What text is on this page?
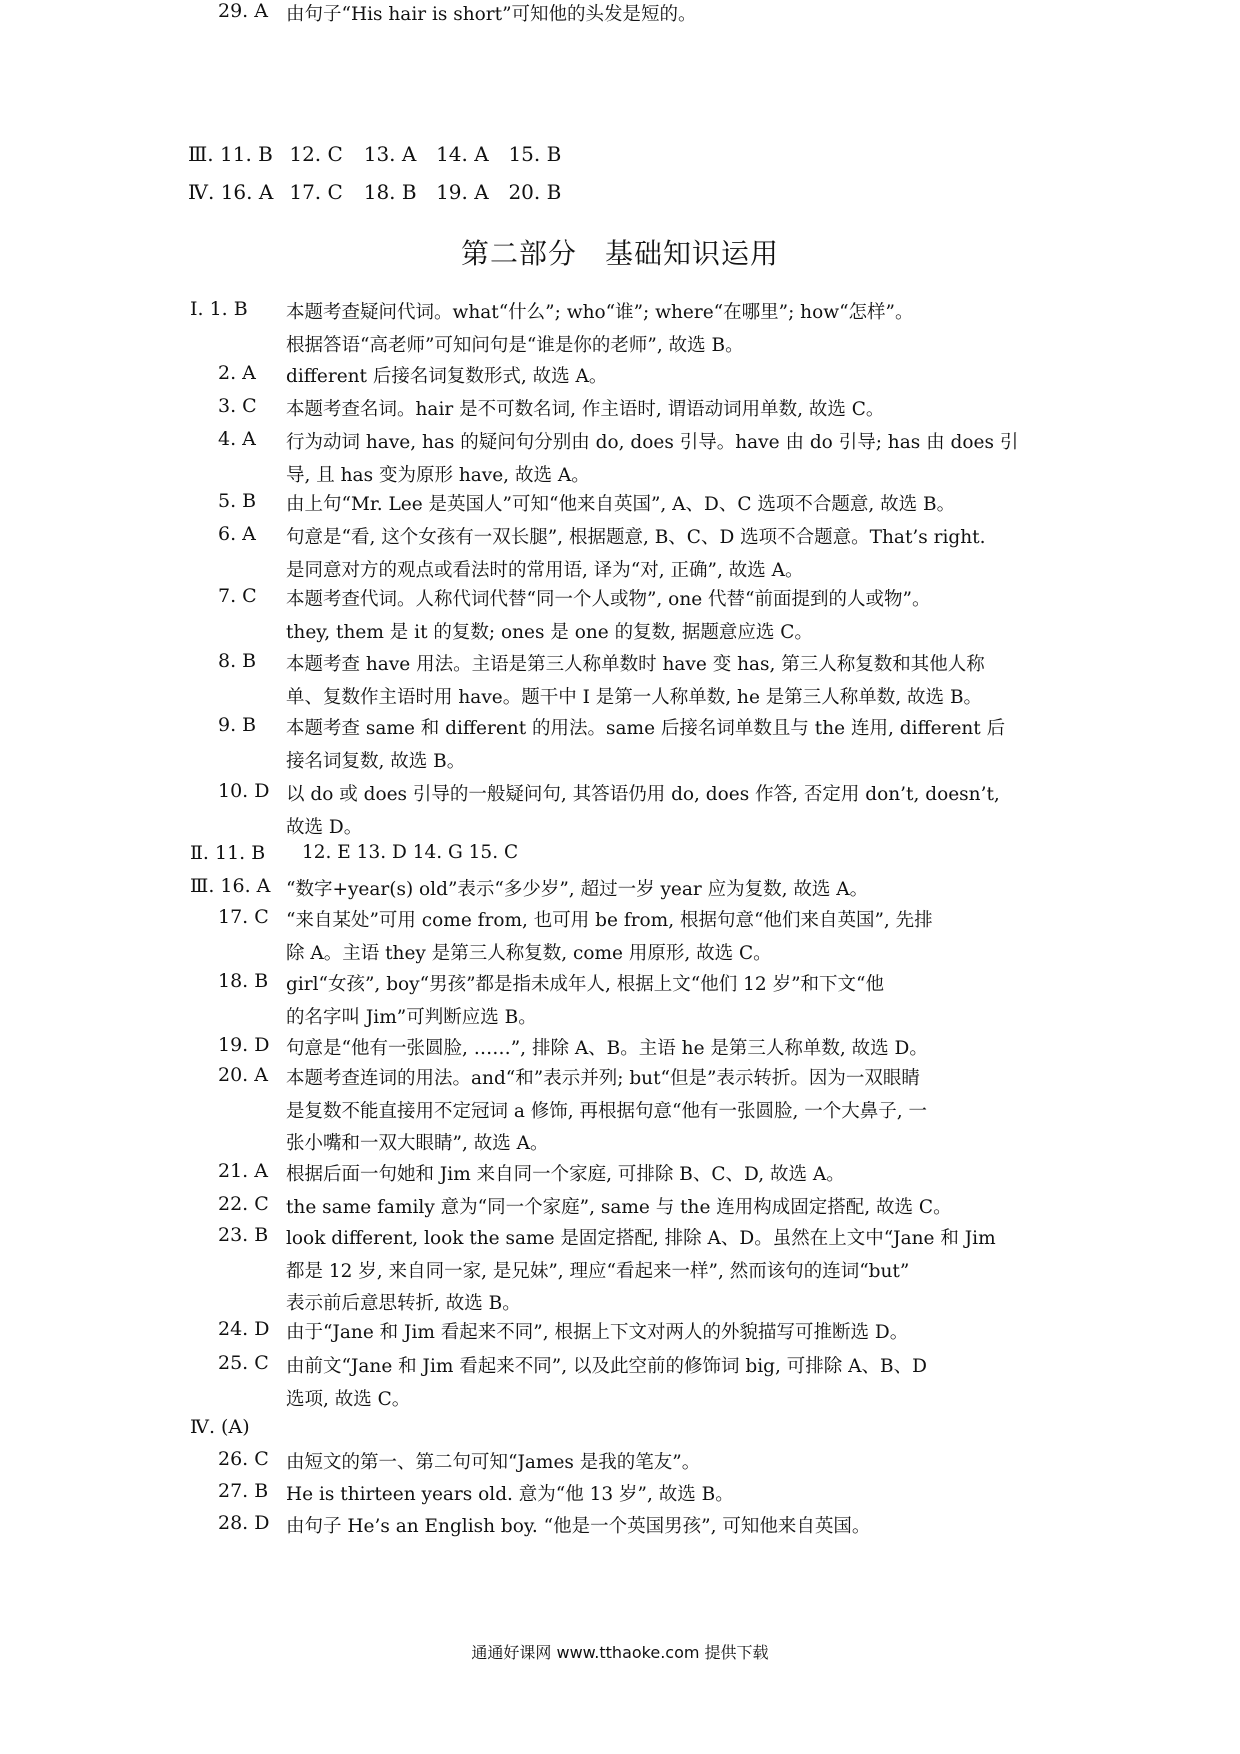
Ⅲ. 11. B 12. C 13. A 14. A 15. B
Ⅳ. 16. A 17. C 18. B 19. A 20. B
第二部分 基础知识运用
Ⅰ. 1. B 本题考查疑问代词。what“什么”; who“谁”; where“在哪里”; how“怎样”。
根据答语“高老师”可知问句是“谁是你的老师”, 故选 B。
2. A different 后接名词复数形式, 故选 A。
3. C 本题考查名词。hair 是不可数名词, 作主语时, 谓语动词用单数, 故选 C。
4. A 行为动词 have, has 的疑问句分别由 do, does 引导。have 由 do 引导; has 由 does 引
导, 且 has 变为原形 have, 故选 A。
5. B 由上句“Mr. Lee 是英国人”可知“他来自英国”, A、D、C 选项不合题意, 故选 B。
6. A 句意是“看, 这个女孩有一双长腿”, 根据题意, B、C、D 选项不合题意。That’s right.
是同意对方的观点或看法时的常用语, 译为“对, 正确”, 故选 A。
7. C 本题考查代词。人称代词代替“同一个人或物”, one 代替“前面提到的人或物”。
they, them 是 it 的复数; ones 是 one 的复数, 据题意应选 C。
8. B 本题考查 have 用法。主语是第三人称单数时 have 变 has, 第三人称复数和其他人称
单、复数作主语时用 have。题干中 I 是第一人称单数, he 是第三人称单数, 故选 B。
9. B 本题考查 same 和 different 的用法。same 后接名词单数且与 the 连用, different 后
接名词复数, 故选 B。
10. D 以 do 或 does 引导的一般疑问句, 其答语仍用 do, does 作答, 否定用 don’t, doesn’t,
故选 D。
Ⅱ. 11. B 12. E 13. D 14. G 15. C
Ⅲ. 16. A “数字+year(s) old”表示“多少岁”, 超过一岁 year 应为复数, 故选 A。
17. C “来自某处”可用 come from, 也可用 be from, 根据句意“他们来自英国”, 先排
除 A。主语 they 是第三人称复数, come 用原形, 故选 C。
18. B girl“女孩”, boy“男孩”都是指未成年人, 根据上文“他们 12 岁”和下文“他
的名字叫 Jim”可判断应选 B。
19. D 句意是“他有一张圆脸, ……”, 排除 A、B。主语 he 是第三人称单数, 故选 D。
20. A 本题考查连词的用法。and“和”表示并列; but“但是”表示转折。因为一双眼睛
是复数不能直接用不定冠词 a 修饰, 再根据句意“他有一张圆脸, 一个大鼻子, 一
张小嘴和一双大眼睛”, 故选 A。
21. A 根据后面一句她和 Jim 来自同一个家庭, 可排除 B、C、D, 故选 A。
22. C the same family 意为“同一个家庭”, same 与 the 连用构成固定搭配, 故选 C。
23. B look different, look the same 是固定搭配, 排除 A、D。虽然在上文中“Jane 和 Jim
都是 12 岁, 来自同一家, 是兄妹”, 理应“看起来一样”, 然而该句的连词“but”
表示前后意思转折, 故选 B。
24. D 由于“Jane 和 Jim 看起来不同”, 根据上下文对两人的外貌描写可推断选 D。
25. C 由前文“Jane 和 Jim 看起来不同”, 以及此空前的修饰词 big, 可排除 A、B、D
选项, 故选 C。
Ⅳ. (A)
26. C 由短文的第一、第二句可知“James 是我的笔友”。
27. B He is thirteen years old. 意为“他 13 岁”, 故选 B。
28. D 由句子 He’s an English boy. “他是一个英国男孩”, 可知他来自英国。
29. A 由句子“His hair is short”可知他的头发是短的。
通通好课网 www.tthaoke.com 提供下载
